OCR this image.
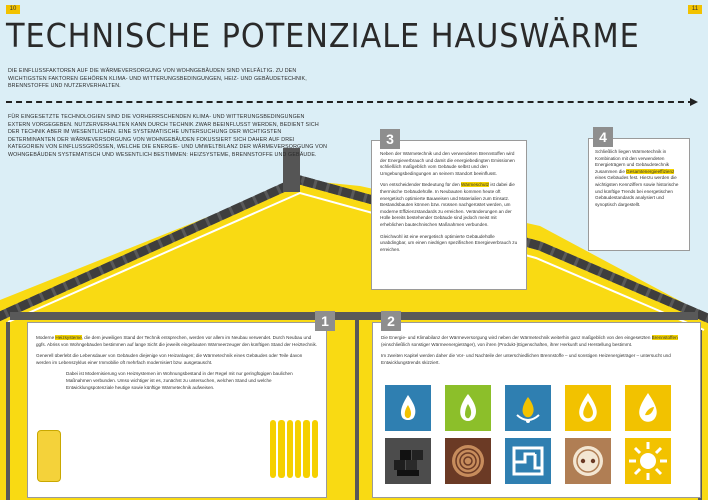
10	11
TECHNISCHE POTENZIALE HAUSWÄRME
DIE EINFLUSSFAKTOREN AUF DIE WÄRMEVERSORGUNG VON WOHNGEBÄUDEN SIND VIELFÄLTIG. ZU DEN WICHTIGSTEN FAKTOREN GEHÖREN KLIMA- UND WITTERUNGSBEDINGUNGEN, HEIZ- UND GEBÄUDETECHNIK, BRENNSTOFFE UND NUTZERVERHALTEN.
FÜR EINGESETZTE TECHNOLOGIEN SIND DIE VORHERRSCHENDEN KLIMA- UND WITTERUNGSBEDINGUNGEN EXTERN VORGEGEBEN. NUTZERVERHALTEN KANN DURCH TECHNIK ZWAR BEEINFLUSST WERDEN, BEDIENT SICH DER TECHNIK ABER IM WESENTLICHEN. EINE SYSTEMATISCHE UNTERSUCHUNG DER WICHTIGSTEN DETERMINANTEN DER WÄRMEVERSORGUNG VON WOHNGEBÄUDEN FOKUSSIERT SICH DAHER AUF DREI KATEGORIEN VON EINFLUSSGRÖSSEN, WELCHE DIE ENERGIE- UND UMWELTBILANZ DER WÄRMEVERSORGUNG VON WOHNGEBÄUDEN SYSTEMATISCH UND WESENTLICH BESTIMMEN: HEIZSYSTEME, BRENNSTOFFE UND GEBÄUDE.
3

Neben der Wärmetechnik und den verwendeten Brennstoffen wird der Energieverbrauch und damit die energiebedingten Emissionen schließlich maßgeblich vom Gebäude selbst und den Umgebungsbedingungen an seinem Standort beeinflusst.

Von entscheidender Bedeutung für den Wärmeschutz ist dabei die thermische Gebäudehülle. In Neubauten kommen heute oft energetisch optimierte Bauweisen und Materialien zum Einsatz. Bestandsbauten können bzw. müssen nachgerüstet werden, um moderne Effizienzstandards zu erreichen. Veränderungen an der Hülle bereits bestehender Gebäude sind jedoch meist mit erheblichen bautechnischen Maßnahmen verbunden.

Gleichwohl ist eine energetisch optimierte Gebäudehülle unabdingbar, um einen niedrigen spezifischen Energieverbrauch zu erreichen.

4

Schließlich liegen Wärmetechnik in Kombination mit den verwendeten Energieträgern und Gebäudetechnik zusammen die Gesamtenergieeffizienz eines Gebäudes fest. Hierzu werden die wichtigsten Kennziffern sowie historische und künftige Trends bei energetischen Gebäudestandards analysiert und synoptisch dargestellt.

1

Moderne Heizsysteme, die dem jeweiligen Stand der Technik entsprechen, werden vor allem im Neubau verwendet. Durch Neubau und ggfs. Abriss von Wohngebäuden bestimmen auf lange Sicht die jeweils eingebauten Wärmeerzeuger den künftigen Stand der Heiztechnik.

Generell überlebt die Lebensdauer von Gebäuden diejenige von Heizanlagen; die Wärmetechnik eines Gebäudes oder Teile davon werden im Lebenszyklus einer Immobilie oft mehrfach modernisiert bzw. ausgetauscht.

Dabei ist Modernisierung von Heizsystemen im Wohnungsbestand in der Regel mit nur geringfügigen baulichen Maßnahmen verbunden. Umso wichtiger ist es, zunächst zu untersuchen, welchen Stand und welche Entwicklungspotenziale heutige sowie künftige Wärmetechnik aufweisen.

2

Die Energie- und Klimabilanz der Wärmeversorgung wird neben der Wärmetechnik weiterhin ganz maßgeblich von den eingesetzten Brennstoffen (einschließlich sonstiger Wärmeenergieträger), von ihren (Produkt-)Eigenschaften, ihrer Herkunft und Herstellung bestimmt.

Im zweiten Kapitel werden daher die Vor- und Nachteile der unterschiedlichen Brennstoffe – und sonstigen Heizenergieträger – untersucht und Entwicklungstrends skizziert.
